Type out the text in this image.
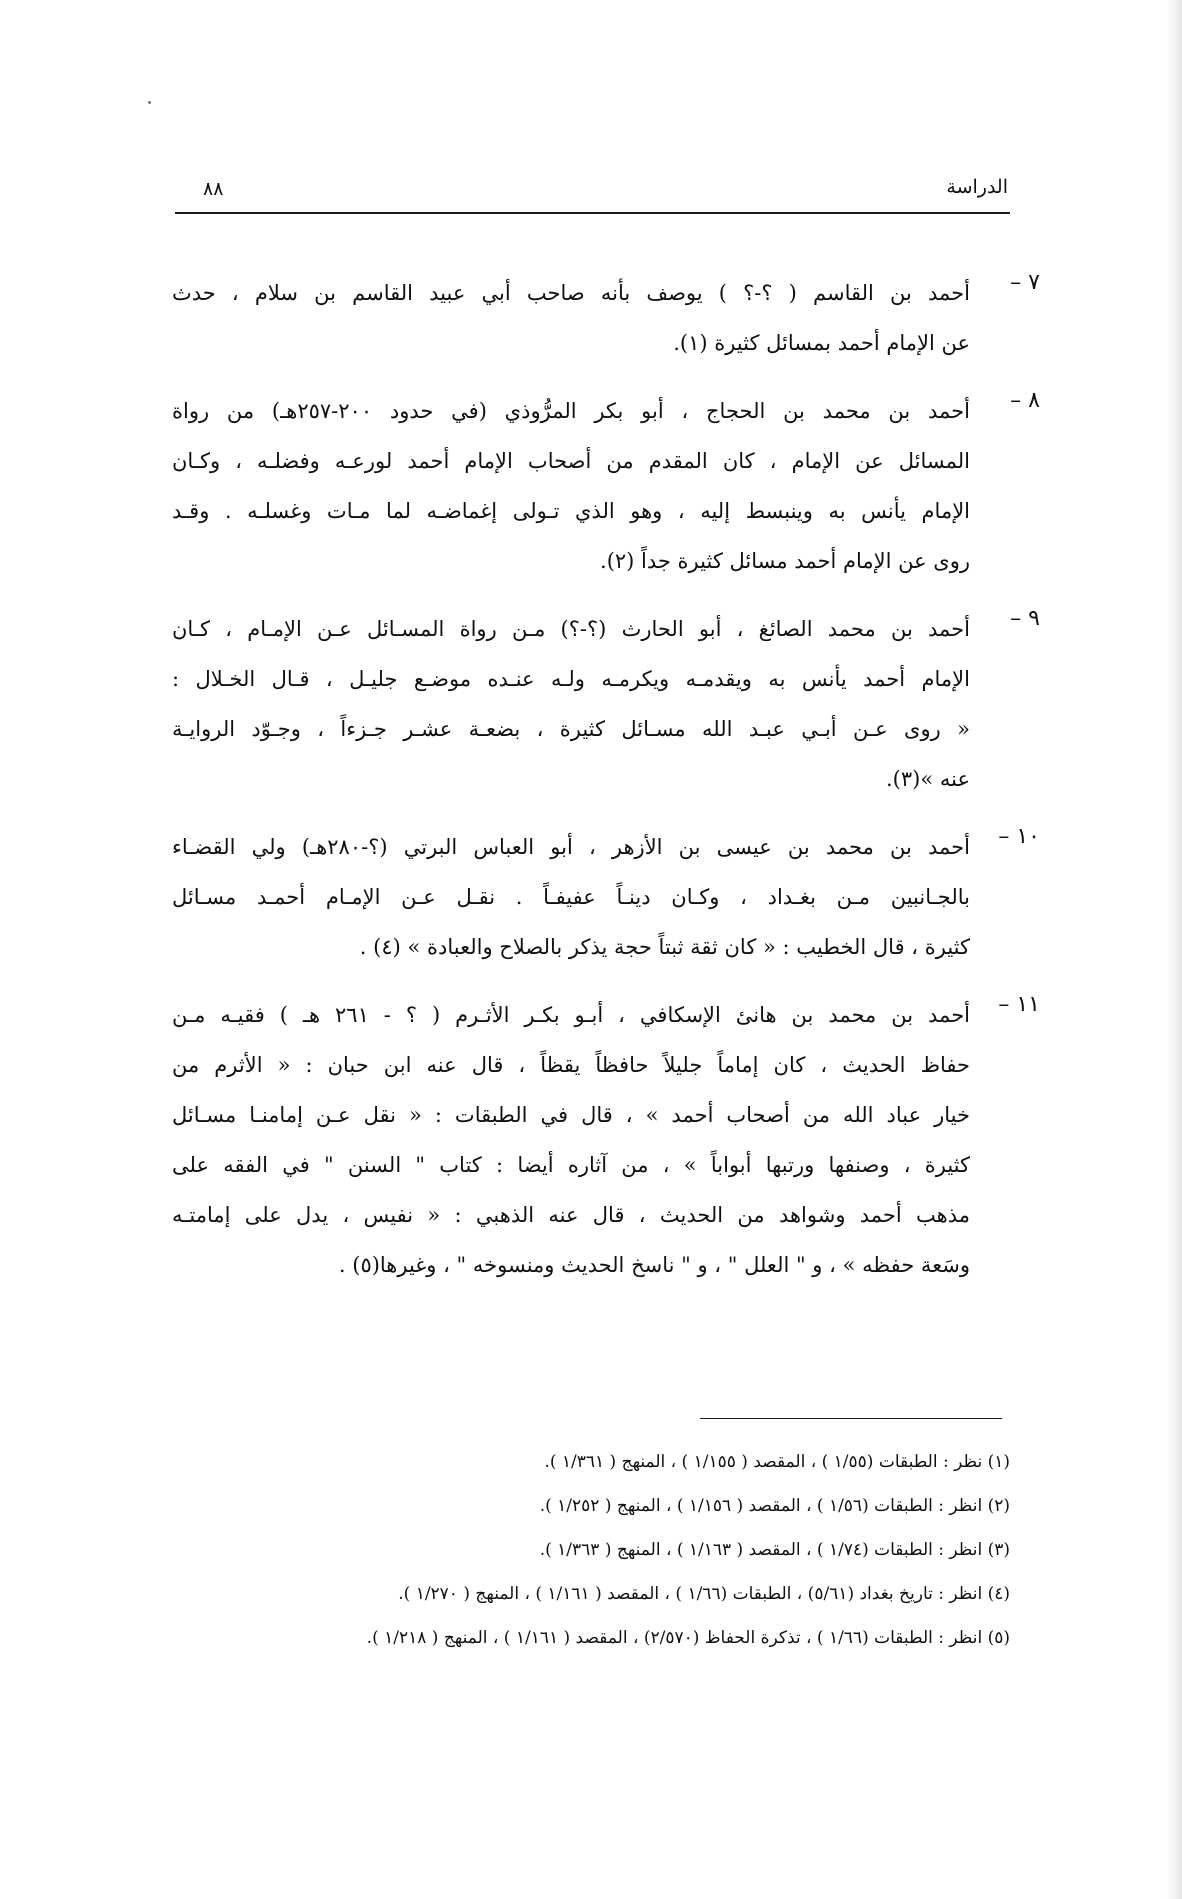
الدراسة
٨٨
٧ –
أحمد بن القاسم ( ؟-؟ ) يوصف بأنه صاحب أبي عبيد القاسم بن سلام ، حدث
عن الإمام أحمد بمسائل كثيرة (١).
٨ –
أحمد بن محمد بن الحجاج ، أبو بكر المرُّوذي (في حدود ٢٠٠-٢٥٧هـ) من رواة
المسائل عن الإمام ، كان المقدم من أصحاب الإمام أحمد لورعـه وفضلـه ، وكـان
الإمام يأنس به وينبسط إليه ، وهو الذي تـولى إغماضـه لما مـات وغسلـه . وقـد
روى عن الإمام أحمد مسائل كثيرة جداً (٢).
٩ –
أحمد بن محمد الصائغ ، أبو الحارث (؟-؟) مـن رواة المسـائل عـن الإمـام ، كـان
الإمام أحمد يأنس به ويقدمـه ويكرمـه ولـه عنـده موضـع جليـل ، قـال الخـلال :
« روى عـن أبـي عبـد الله مسـائل كثيرة ، بضعـة عشـر جـزءاً ، وجـوّد الروايـة
عنه »(٣).
١٠ –
أحمد بن محمد بن عيسى بن الأزهر ، أبو العباس البرتي (؟-٢٨٠هـ) ولي القضـاء
بالجـانبين مـن بغـداد ، وكـان دينـاً عفيفـاً . نقـل عـن الإمـام أحمـد مسـائل
كثيرة ، قال الخطيب : « كان ثقة ثبتاً حجة يذكر بالصلاح والعبادة » (٤) .
١١ –
أحمد بن محمد بن هانئ الإسكافي ، أبـو بكـر الأثـرم ( ؟ - ٢٦١ هـ ) فقيـه مـن
حفاظ الحديث ، كان إماماً جليلاً حافظاً يقظاً ، قال عنه ابن حبان : « الأثرم من
خيار عباد الله من أصحاب أحمد » ، قال في الطبقات : « نقل عـن إمامنـا مسـائل
كثيرة ، وصنفها ورتبها أبواباً » ، من آثاره أيضا : كتاب " السنن " في الفقه على
مذهب أحمد وشواهد من الحديث ، قال عنه الذهبي : « نفيس ، يدل على إمامتـه
وسَعة حفظه » ، و " العلل " ، و " ناسخ الحديث ومنسوخه " ، وغيرها(٥) .
(١) نظر : الطبقات (١/٥٥ ) ، المقصد ( ١/١٥٥ ) ، المنهج ( ١/٣٦١ ).
(٢) انظر : الطبقات (١/٥٦ ) ، المقصد ( ١/١٥٦ ) ، المنهج ( ١/٢٥٢ ).
(٣) انظر : الطبقات (١/٧٤ ) ، المقصد ( ١/١٦٣ ) ، المنهج ( ١/٣٦٣ ).
(٤) انظر : تاريخ بغداد (٥/٦١) ، الطبقات (١/٦٦ ) ، المقصد ( ١/١٦١ ) ، المنهج ( ١/٢٧٠ ).
(٥) انظر : الطبقات (١/٦٦ ) ، تذكرة الحفاظ (٢/٥٧٠) ، المقصد ( ١/١٦١ ) ، المنهج ( ١/٢١٨ ).
